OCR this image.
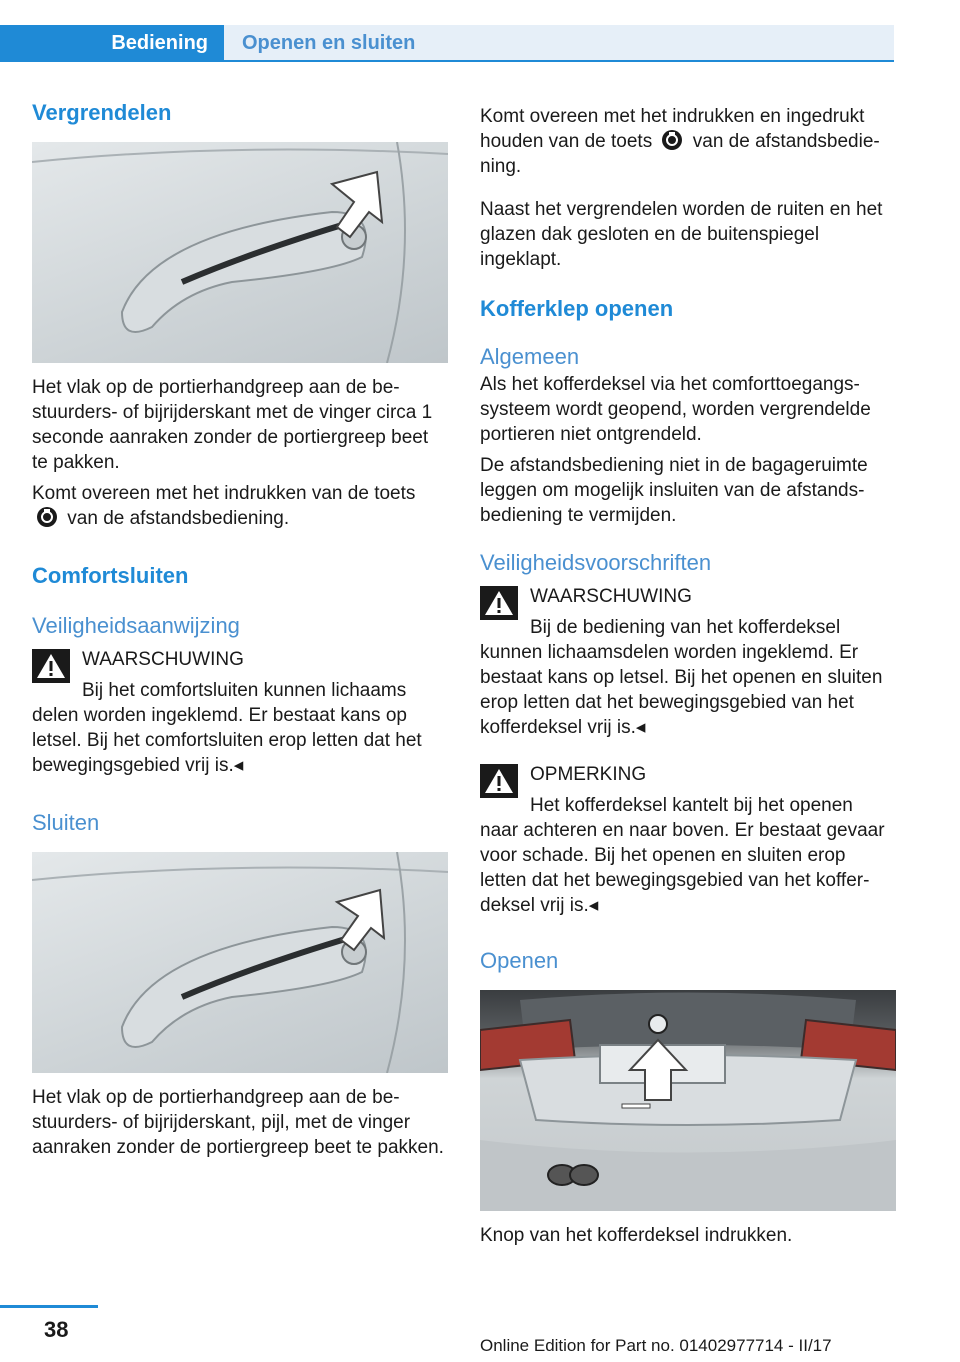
Bediening	Openen en sluiten
Vergrendelen

Het vlak op de portierhandgreep aan de bestuurders- of bijrijderskant met de vinger circa 1 seconde aanraken zonder de portiergreep beet te pakken.

Komt overeen met het indrukken van de toets  van de afstandsbediening.

Comfortsluiten
Veiligheidsaanwijzing
WAARSCHUWING

Bij het comfortsluiten kunnen lichaams

delen worden ingeklemd. Er bestaat kans op letsel. Bij het comfortsluiten erop letten dat het bewegingsgebied vrij is.◂

Sluiten

Het vlak op de portierhandgreep aan de bestuurders- of bijrijderskant, pijl, met de vinger aanraken zonder de portiergreep beet te pakken.

Komt overeen met het indrukken en ingedrukt houden van de toets van de afstandsbediening.

Naast het vergrendelen worden de ruiten en het glazen dak gesloten en de buitenspiegel ingeklapt.

Kofferklep openen
Algemeen

Als het kofferdeksel via het comforttoegangssysteem wordt geopend, worden vergrendelde portieren niet ontgrendeld.

De afstandsbediening niet in de bagageruimte leggen om mogelijk insluiten van de afstandsbediening te vermijden.

Veiligheidsvoorschriften
WAARSCHUWING

Bij de bediening van het kofferdeksel

kunnen lichaamsdelen worden ingeklemd. Er bestaat kans op letsel. Bij het openen en sluiten erop letten dat het bewegingsgebied van het kofferdeksel vrij is.◂

OPMERKING

Het kofferdeksel kantelt bij het openen

naar achteren en naar boven. Er bestaat gevaar voor schade. Bij het openen en sluiten erop letten dat het bewegingsgebied van het kofferdeksel vrij is.◂

Openen

Knop van het kofferdeksel indrukken.

38
Online Edition for Part no. 01402977714 - II/17
